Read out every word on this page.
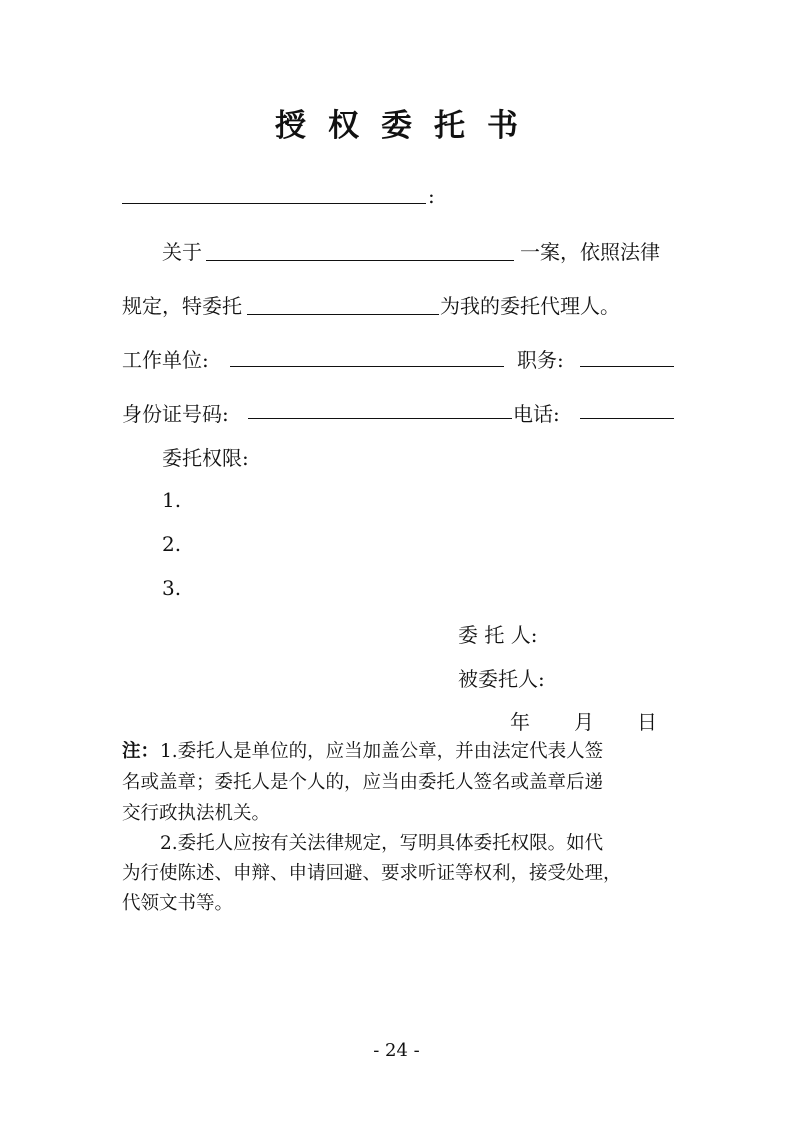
授权委托书
:
关于	一案，依照法律
规定，特委托	为我的委托代理人。
工作单位:	职务:
身份证号码:	电话:
委托权限:
1.
2.
3.
委 托 人:
被委托人:
年 月 日
注： 1.委托人是单位的，应当加盖公章，并由法定代表人签
名或盖章；委托人是个人的，应当由委托人签名或盖章后递
交行政执法机关。
2.委托人应按有关法律规定，写明具体委托权限。如代
为行使陈述、申辩、申请回避、要求听证等权利，接受处理，
代领文书等。
- 24 -
